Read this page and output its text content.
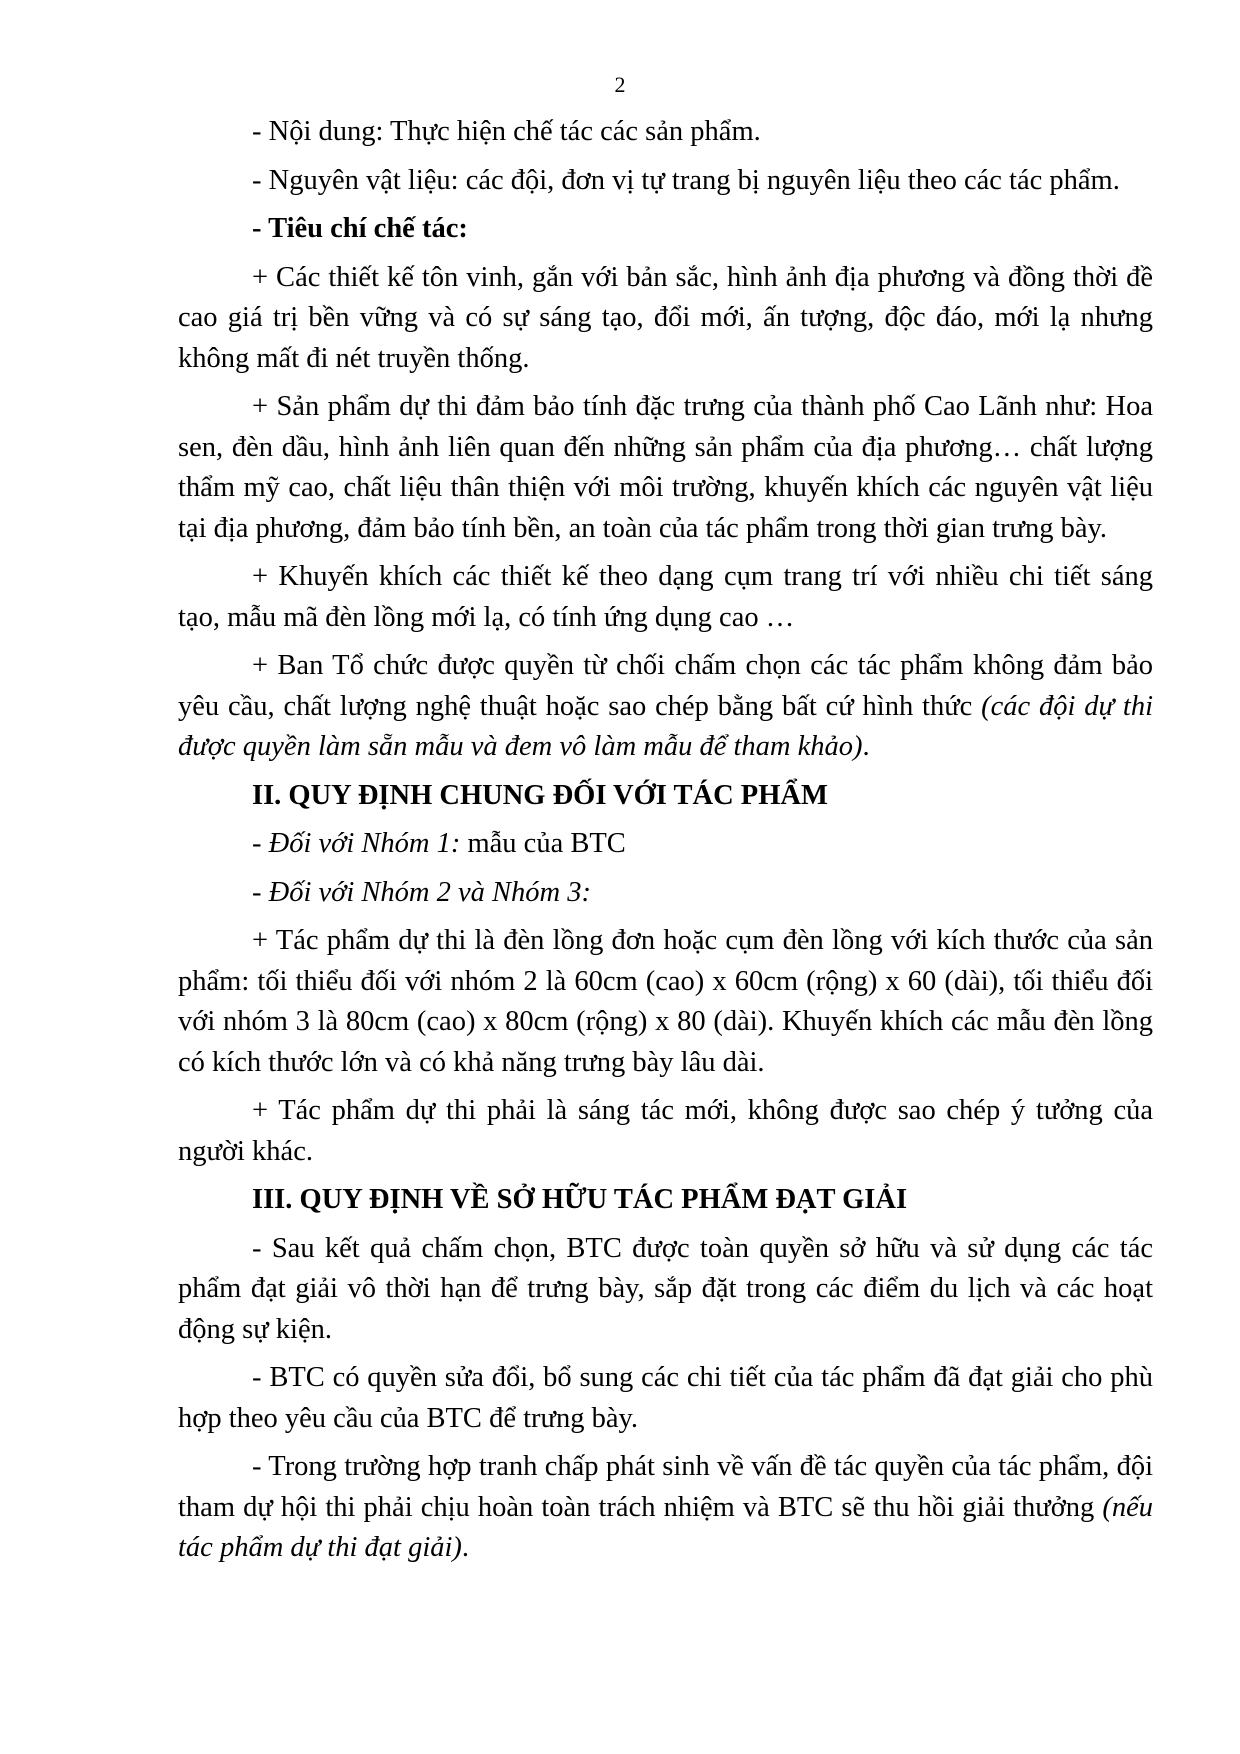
2

- Nội dung: Thực hiện chế tác các sản phẩm.

- Nguyên vật liệu: các đội, đơn vị tự trang bị nguyên liệu theo các tác phẩm.

- Tiêu chí chế tác:

+ Các thiết kế tôn vinh, gắn với bản sắc, hình ảnh địa phương và đồng thời đề cao giá trị bền vững và có sự sáng tạo, đổi mới, ấn tượng, độc đáo, mới lạ nhưng không mất đi nét truyền thống.

+ Sản phẩm dự thi đảm bảo tính đặc trưng của thành phố Cao Lãnh như: Hoa sen, đèn dầu, hình ảnh liên quan đến những sản phẩm của địa phương… chất lượng thẩm mỹ cao, chất liệu thân thiện với môi trường, khuyến khích các nguyên vật liệu tại địa phương, đảm bảo tính bền, an toàn của tác phẩm trong thời gian trưng bày.

+ Khuyến khích các thiết kế theo dạng cụm trang trí với nhiều chi tiết sáng tạo, mẫu mã đèn lồng mới lạ, có tính ứng dụng cao …

+ Ban Tổ chức được quyền từ chối chấm chọn các tác phẩm không đảm bảo yêu cầu, chất lượng nghệ thuật hoặc sao chép bằng bất cứ hình thức (các đội dự thi được quyền làm sẵn mẫu và đem vô làm mẫu để tham khảo).

II. QUY ĐỊNH CHUNG ĐỐI VỚI TÁC PHẨM

- Đối với Nhóm 1: mẫu của BTC

- Đối với Nhóm 2 và Nhóm 3:

+ Tác phẩm dự thi là đèn lồng đơn hoặc cụm đèn lồng với kích thước của sản phẩm: tối thiểu đối với nhóm 2 là 60cm (cao) x 60cm (rộng) x 60 (dài), tối thiểu đối với nhóm 3 là 80cm (cao) x 80cm (rộng) x 80 (dài). Khuyến khích các mẫu đèn lồng có kích thước lớn và có khả năng trưng bày lâu dài.

+ Tác phẩm dự thi phải là sáng tác mới, không được sao chép ý tưởng của người khác.

III. QUY ĐỊNH VỀ SỞ HỮU TÁC PHẨM ĐẠT GIẢI

- Sau kết quả chấm chọn, BTC được toàn quyền sở hữu và sử dụng các tác phẩm đạt giải vô thời hạn để trưng bày, sắp đặt trong các điểm du lịch và các hoạt động sự kiện.

- BTC có quyền sửa đổi, bổ sung các chi tiết của tác phẩm đã đạt giải cho phù hợp theo yêu cầu của BTC để trưng bày.

- Trong trường hợp tranh chấp phát sinh về vấn đề tác quyền của tác phẩm, đội tham dự hội thi phải chịu hoàn toàn trách nhiệm và BTC sẽ thu hồi giải thưởng (nếu tác phẩm dự thi đạt giải).
